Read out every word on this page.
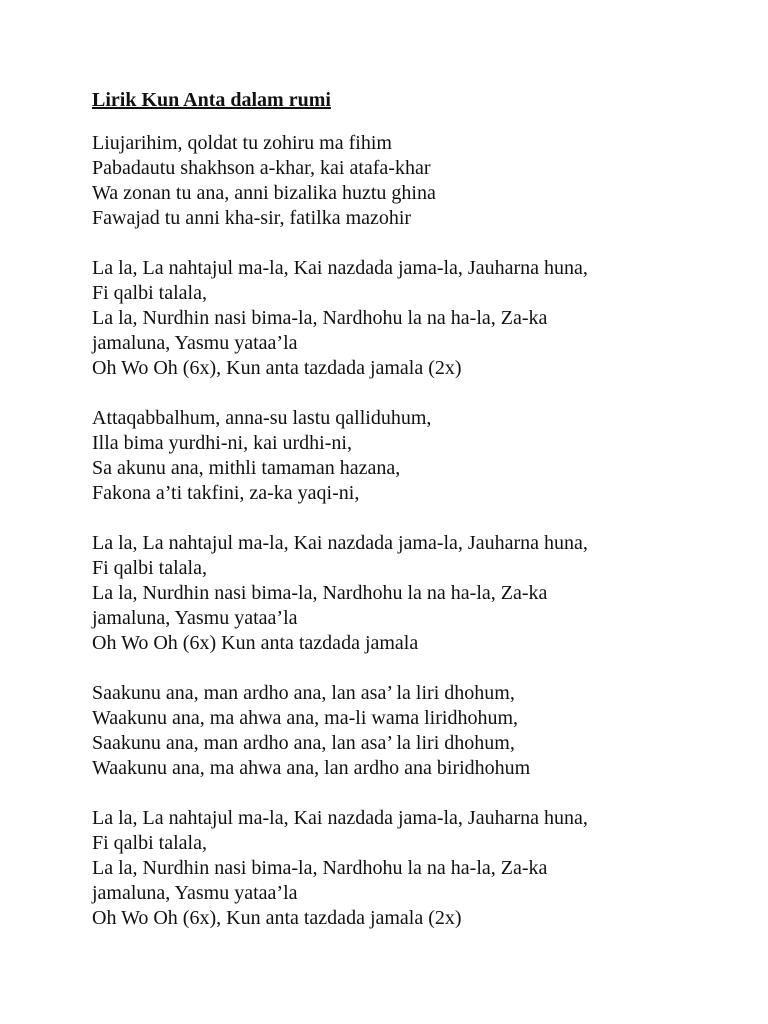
Lirik Kun Anta dalam rumi
Liujarihim, qoldat tu zohiru ma fihim
Pabadautu shakhson a-khar, kai atafa-khar
Wa zonan tu ana, anni bizalika huztu ghina
Fawajad tu anni kha-sir, fatilka mazohir
La la, La nahtajul ma-la, Kai nazdada jama-la, Jauharna huna,
Fi qalbi talala,
La la, Nurdhin nasi bima-la, Nardhohu la na ha-la, Za-ka
jamaluna, Yasmu yataa’la
Oh Wo Oh (6x), Kun anta tazdada jamala (2x)
Attaqabbalhum, anna-su lastu qalliduhum,
Illa bima yurdhi-ni, kai urdhi-ni,
Sa akunu ana, mithli tamaman hazana,
Fakona a’ti takfini, za-ka yaqi-ni,
La la, La nahtajul ma-la, Kai nazdada jama-la, Jauharna huna,
Fi qalbi talala,
La la, Nurdhin nasi bima-la, Nardhohu la na ha-la, Za-ka
jamaluna, Yasmu yataa’la
Oh Wo Oh (6x) Kun anta tazdada jamala
Saakunu ana, man ardho ana, lan asa’ la liri dhohum,
Waakunu ana, ma ahwa ana, ma-li wama liridhohum,
Saakunu ana, man ardho ana, lan asa’ la liri dhohum,
Waakunu ana, ma ahwa ana, lan ardho ana biridhohum
La la, La nahtajul ma-la, Kai nazdada jama-la, Jauharna huna,
Fi qalbi talala,
La la, Nurdhin nasi bima-la, Nardhohu la na ha-la, Za-ka
jamaluna, Yasmu yataa’la
Oh Wo Oh (6x), Kun anta tazdada jamala (2x)
